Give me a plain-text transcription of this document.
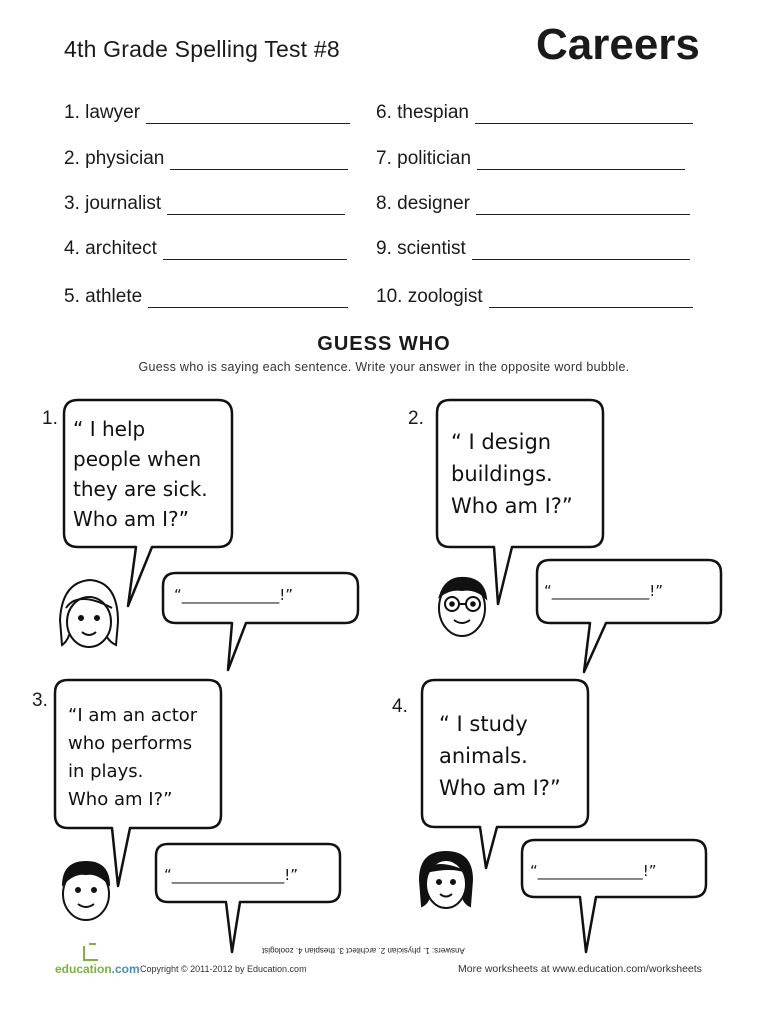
4th Grade Spelling Test #8	Careers
1. lawyer
2. physician
3. journalist
4. architect
5. athlete
6. thespian
7. politician
8. designer
9. scientist
10. zoologist
GUESS WHO
Guess who is saying each sentence. Write your answer in the opposite word bubble.
1.	2.
3.	4.
“ I help
people when
they are sick.
Who am I?”
“ I design
buildings.
Who am I?”
“I am an actor
who performs
in plays.
Who am I?”
“ I study
animals.
Who am I?”
“_____________!”	“_____________!”
“_______________!”	“______________!”
Answers: 1. physician 2. architect 3. thespian 4. zoologist
education.com Copyright © 2011-2012 by Education.com	More worksheets at www.education.com/worksheets
